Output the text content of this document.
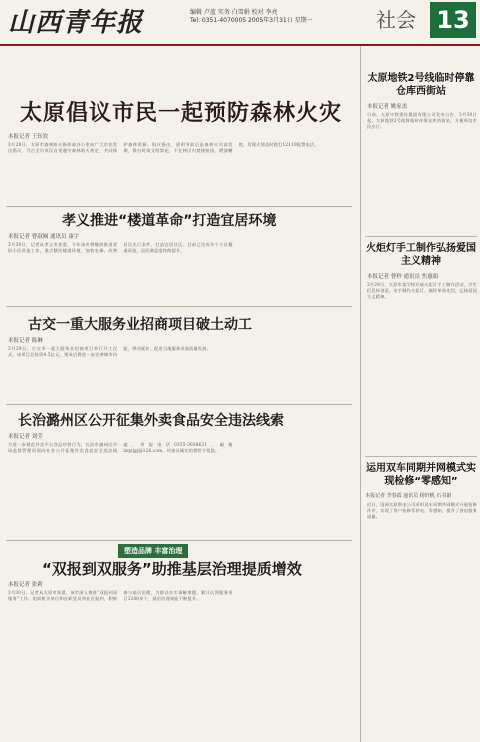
山西青年报	编辑 卢蓝 实务 白雪娟 校对 李亮
Tel: 0351-4070005 2005年3月31日 星期一	社会 13
太原倡议市民一起预防森林火灾
本报记者 王钰钦
3月28日，太原市森林防火指挥部办公室向广大市民发出倡议，号召全市市民自觉遵守森林防火规定，共同保护森林资源。倡议指出，清明节前后是森林火灾高发期，祭扫时请文明祭祀，不在林区内焚烧纸钱、燃放鞭炮，发现火情及时拨打12119报警电话。
孝义推进“楼道革命”打造宜居环境
本报记者 曹淑娴 通讯员 康宇
3月30日，记者从孝义市获悉，今年该市将继续推进老旧小区改造工作，重点整治楼道环境，加装电梯，改善居民出行条件，打造宜居社区。目前已完成多个小区楼道改造，居民满意度持续提升。
古交一重大服务业招商项目破土动工
本报记者 陈琳
3月29日，古交市一重大服务业招商项目举行开工仪式。该项目总投资4.5亿元，建成后将进一步完善城市功能，带动就业，促进当地服务业高质量发展。
长治潞州区公开征集外卖食品安全违法线索
本报记者 刘莹
为进一步规范外卖平台食品经营行为，长治市潞州区市场监督管理局面向社会公开征集外卖食品安全违法线索，举报电话0355-3038621，邮箱lzqsjgj@126.com，经查证属实的将给予奖励。
塑造品牌 丰富治理
“双报到双服务”助推基层治理提质增效
本报记者 张莉
3月30日，记者从太原市获悉，该市深入推进“双报到双服务”工作，组织机关单位和在职党员到社区报到，积极参与基层治理，为群众办实事解难题，累计认领服务项目3200余个，基层治理效能不断提升。
太原地铁2号线临时停靠仓库西街站
本报记者 姚家盖
日前，太原中铁建设集团有限公司发布公告，3月30日起，太原地铁2号线将临时停靠仓库西街站，方便周边市民出行。
火炬灯手工制作弘扬爱国主义精神
本报记者 曹秒 通讯员 焦惠娟
3月28日，太原市某学校开展火炬灯手工制作活动，学生们发挥创意，亲手制作火炬灯，缅怀革命先烈，弘扬爱国主义精神。
运用双车同期并网模式实现检修“零感知”
本报记者 李春霞 通讯员 杨轩帆 石书娟
近日，国网太原供电公司采用双车同期并网模式开展检修作业，实现了用户检修零停电、零感知，提升了供电服务质量。
